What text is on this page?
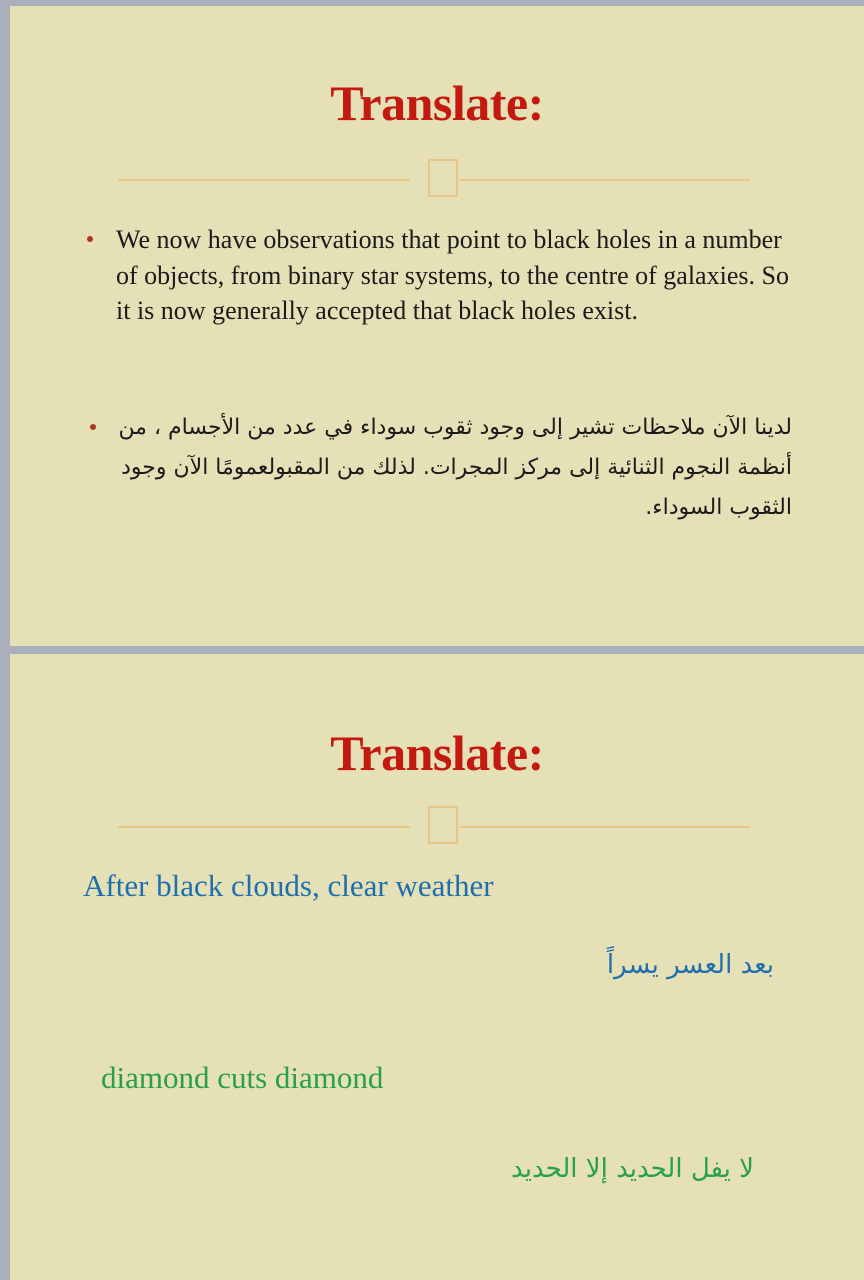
Translate:
We now have observations that point to black holes in a number of objects, from binary star systems, to the centre of galaxies. So it is now generally accepted that black holes exist.
لدينا الآن ملاحظات تشير إلى وجود ثقوب سوداء في عدد من الأجسام ، من أنظمة النجوم الثنائية إلى مركز المجرات. لذلك من المقبولعمومًا الآن وجود الثقوب السوداء.
Translate:
After black clouds, clear weather
بعد العسر يسراً
diamond cuts diamond
لا يفل الحديد إلا الحديد
